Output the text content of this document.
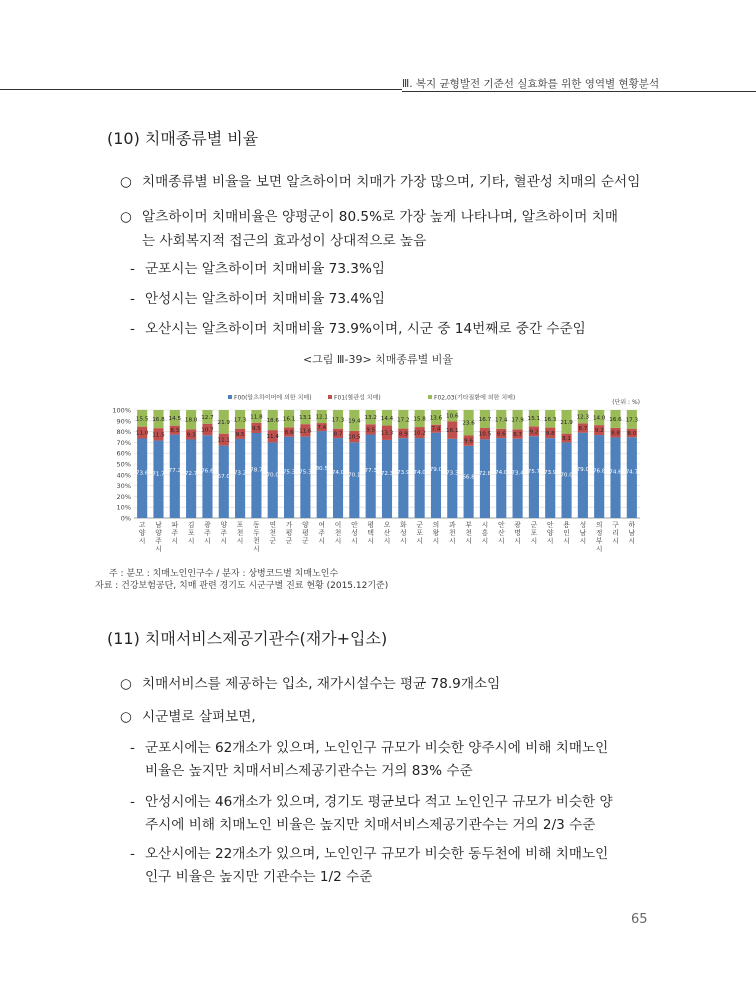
Ⅲ. 복지 균형발전 기준선 실효화를 위한 영역별 현황분석
(10) 치매종류별 비율
○ 치매종류별 비율을 보면 알츠하이머 치매가 가장 많으며, 기타, 혈관성 치매의 순서임
○ 알츠하이머 치매비율은 양평군이 80.5%로 가장 높게 나타나며, 알츠하이머 치매
는 사회복지적 접근의 효과성이 상대적으로 높음
- 군포시는 알츠하이머 치매비율 73.3%임
- 안성시는 알츠하이머 치매비율 73.4%임
- 오산시는 알츠하이머 치매비율 73.9%이며, 시군 중 14번째로 중간 수준임
<그림 Ⅲ-39> 치매종류별 비율
0%
10%
20%
30%
40%
50%
60%
70%
80%
90%
100%
F00(알츠하이머에 의한 치매)	F01(혈관성 치매)	F02,03(기타질환에 의한 치매)
(단위 : %)
73.6
11.0
15.5
고
양
시
71.7
11.5
16.8
남
양
주
시
77.2
8.3
14.5
파
주
시
72.7
9.3
18.0
김
포
시
76.6
10.7
12.7
광
주
시
67.0
11.1
21.9
양
주
시
73.2
9.5
17.3
포
천
시
78.7
9.5
11.8
동
두
천
시
70.0
11.4
18.6
연
천
군
75.3
8.6
16.1
가
평
군
75.3
11.6
13.1
양
평
군
80.5
7.4
12.1
여
주
시
74.0
8.7
17.3
이
천
시
70.1
10.5
19.4
안
성
시
77.3
9.5
13.2
평
택
시
72.3
13.3
14.4
오
산
시
73.9
8.9
17.2
화
성
시
74.0
10.2
15.8
군
포
시
79.0
7.4
13.6
의
왕
시
73.3
16.1
10.6
과
천
시
66.8
9.6
23.6
부
천
시
72.8
10.5
16.7
시
흥
시
74.0
8.6
17.4
안
산
시
73.4
8.7
17.9
광
명
시
75.7
9.2
15.1
군
포
시
73.9
9.8
16.3
안
양
시
70.0
8.1
21.9
용
인
시
79.0
8.7
12.3
성
남
시
76.8
9.2
14.0
의
정
부
시
74.6
8.8
16.6
구
리
시
74.7
8.0
17.3
하
남
시
주 : 분모 : 치매노인인구수 / 분자 : 상병코드별 치매노인수
자료 : 건강보험공단, 치매 관련 경기도 시군구별 진료 현황 (2015.12기준)
(11) 치매서비스제공기관수(재가+입소)
○ 치매서비스를 제공하는 입소, 재가시설수는 평균 78.9개소임
○ 시군별로 살펴보면,
- 군포시에는 62개소가 있으며, 노인인구 규모가 비슷한 양주시에 비해 치매노인
비율은 높지만 치매서비스제공기관수는 거의 83% 수준
- 안성시에는 46개소가 있으며, 경기도 평균보다 적고 노인인구 규모가 비슷한 양
주시에 비해 치매노인 비율은 높지만 치매서비스제공기관수는 거의 2/3 수준
- 오산시에는 22개소가 있으며, 노인인구 규모가 비슷한 동두천에 비해 치매노인
인구 비율은 높지만 기관수는 1/2 수준
65
